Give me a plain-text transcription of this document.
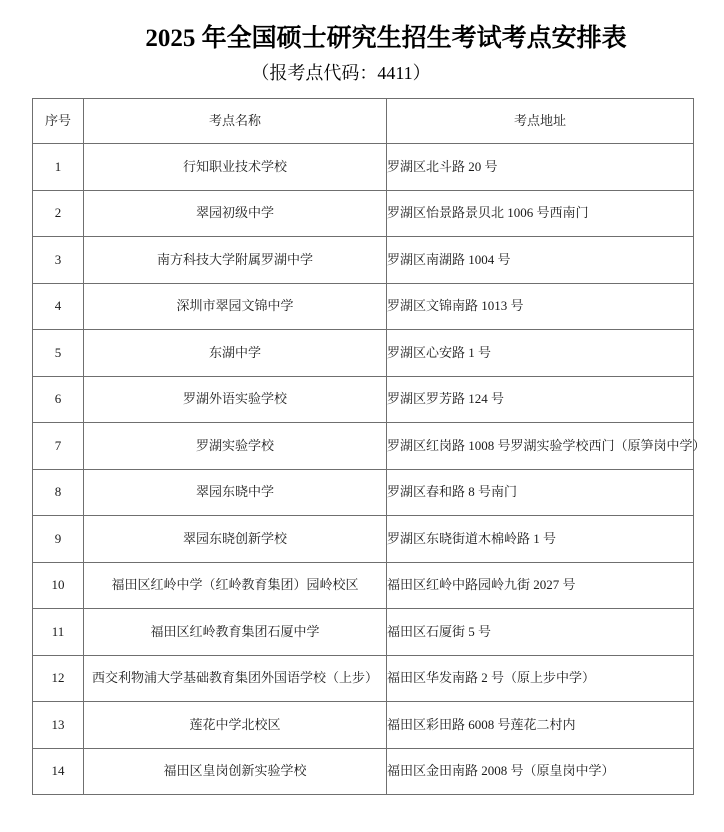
2025 年全国硕士研究生招生考试考点安排表
（报考点代码：4411）
序号	考点名称	考点地址
1	行知职业技术学校	罗湖区北斗路 20 号
2	翠园初级中学	罗湖区怡景路景贝北 1006 号西南门
3	南方科技大学附属罗湖中学	罗湖区南湖路 1004 号
4	深圳市翠园文锦中学	罗湖区文锦南路 1013 号
5	东湖中学	罗湖区心安路 1 号
6	罗湖外语实验学校	罗湖区罗芳路 124 号
7	罗湖实验学校	罗湖区红岗路 1008 号罗湖实验学校西门（原笋岗中学）
8	翠园东晓中学	罗湖区春和路 8 号南门
9	翠园东晓创新学校	罗湖区东晓街道木棉岭路 1 号
10	福田区红岭中学（红岭教育集团）园岭校区	福田区红岭中路园岭九街 2027 号
11	福田区红岭教育集团石厦中学	福田区石厦街 5 号
12	西交利物浦大学基础教育集团外国语学校（上步）	福田区华发南路 2 号（原上步中学）
13	莲花中学北校区	福田区彩田路 6008 号莲花二村内
14	福田区皇岗创新实验学校	福田区金田南路 2008 号（原皇岗中学）
